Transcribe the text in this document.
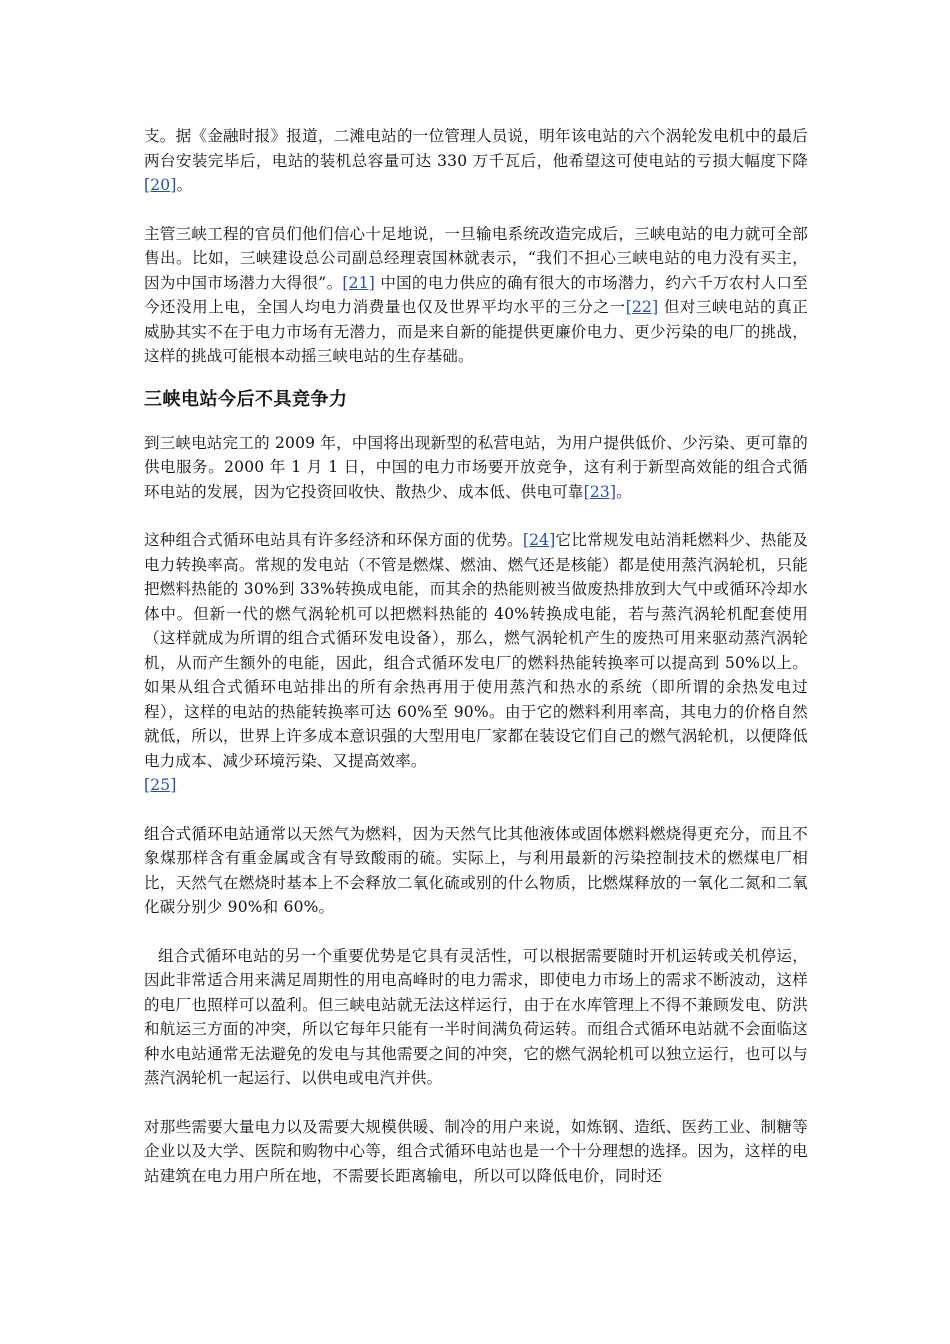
支。据《金融时报》报道，二滩电站的一位管理人员说，明年该电站的六个涡轮发电机中的最后两台安装完毕后，电站的装机总容量可达 330 万千瓦后，他希望这可使电站的亏损大幅度下降[20]。

主管三峡工程的官员们他们信心十足地说，一旦输电系统改造完成后，三峡电站的电力就可全部售出。比如，三峡建设总公司副总经理袁国林就表示，“我们不担心三峡电站的电力没有买主，因为中国市场潜力大得很”。[21] 中国的电力供应的确有很大的市场潜力，约六千万农村人口至今还没用上电，全国人均电力消费量也仅及世界平均水平的三分之一[22] 但对三峡电站的真正威胁其实不在于电力市场有无潜力，而是来自新的能提供更廉价电力、更少污染的电厂的挑战，这样的挑战可能根本动摇三峡电站的生存基础。

三峡电站今后不具竞争力

到三峡电站完工的 2009 年，中国将出现新型的私营电站，为用户提供低价、少污染、更可靠的供电服务。2000 年 1 月 1 日，中国的电力市场要开放竞争，这有利于新型高效能的组合式循环电站的发展，因为它投资回收快、散热少、成本低、供电可靠[23]。

这种组合式循环电站具有许多经济和环保方面的优势。[24]它比常规发电站消耗燃料少、热能及电力转换率高。常规的发电站（不管是燃煤、燃油、燃气还是核能）都是使用蒸汽涡轮机，只能把燃料热能的 30%到 33%转换成电能，而其余的热能则被当做废热排放到大气中或循环冷却水体中。但新一代的燃气涡轮机可以把燃料热能的 40%转换成电能，若与蒸汽涡轮机配套使用（这样就成为所谓的组合式循环发电设备），那么，燃气涡轮机产生的废热可用来驱动蒸汽涡轮机，从而产生额外的电能，因此，组合式循环发电厂的燃料热能转换率可以提高到 50%以上。如果从组合式循环电站排出的所有余热再用于使用蒸汽和热水的系统（即所谓的余热发电过程），这样的电站的热能转换率可达 60%至 90%。由于它的燃料利用率高，其电力的价格自然就低，所以，世界上许多成本意识强的大型用电厂家都在装设它们自己的燃气涡轮机，以便降低电力成本、减少环境污染、又提高效率。
[25]

组合式循环电站通常以天然气为燃料，因为天然气比其他液体或固体燃料燃烧得更充分，而且不象煤那样含有重金属或含有导致酸雨的硫。实际上，与利用最新的污染控制技术的燃煤电厂相比，天然气在燃烧时基本上不会释放二氧化硫或别的什么物质，比燃煤释放的一氧化二氮和二氧化碳分别少 90%和 60%。

组合式循环电站的另一个重要优势是它具有灵活性，可以根据需要随时开机运转或关机停运，因此非常适合用来满足周期性的用电高峰时的电力需求，即使电力市场上的需求不断波动，这样的电厂也照样可以盈利。但三峡电站就无法这样运行，由于在水库管理上不得不兼顾发电、防洪和航运三方面的冲突，所以它每年只能有一半时间满负荷运转。而组合式循环电站就不会面临这种水电站通常无法避免的发电与其他需要之间的冲突，它的燃气涡轮机可以独立运行，也可以与蒸汽涡轮机一起运行、以供电或电汽并供。

对那些需要大量电力以及需要大规模供暖、制冷的用户来说，如炼钢、造纸、医药工业、制糖等企业以及大学、医院和购物中心等，组合式循环电站也是一个十分理想的选择。因为，这样的电站建筑在电力用户所在地，不需要长距离输电，所以可以降低电价，同时还
